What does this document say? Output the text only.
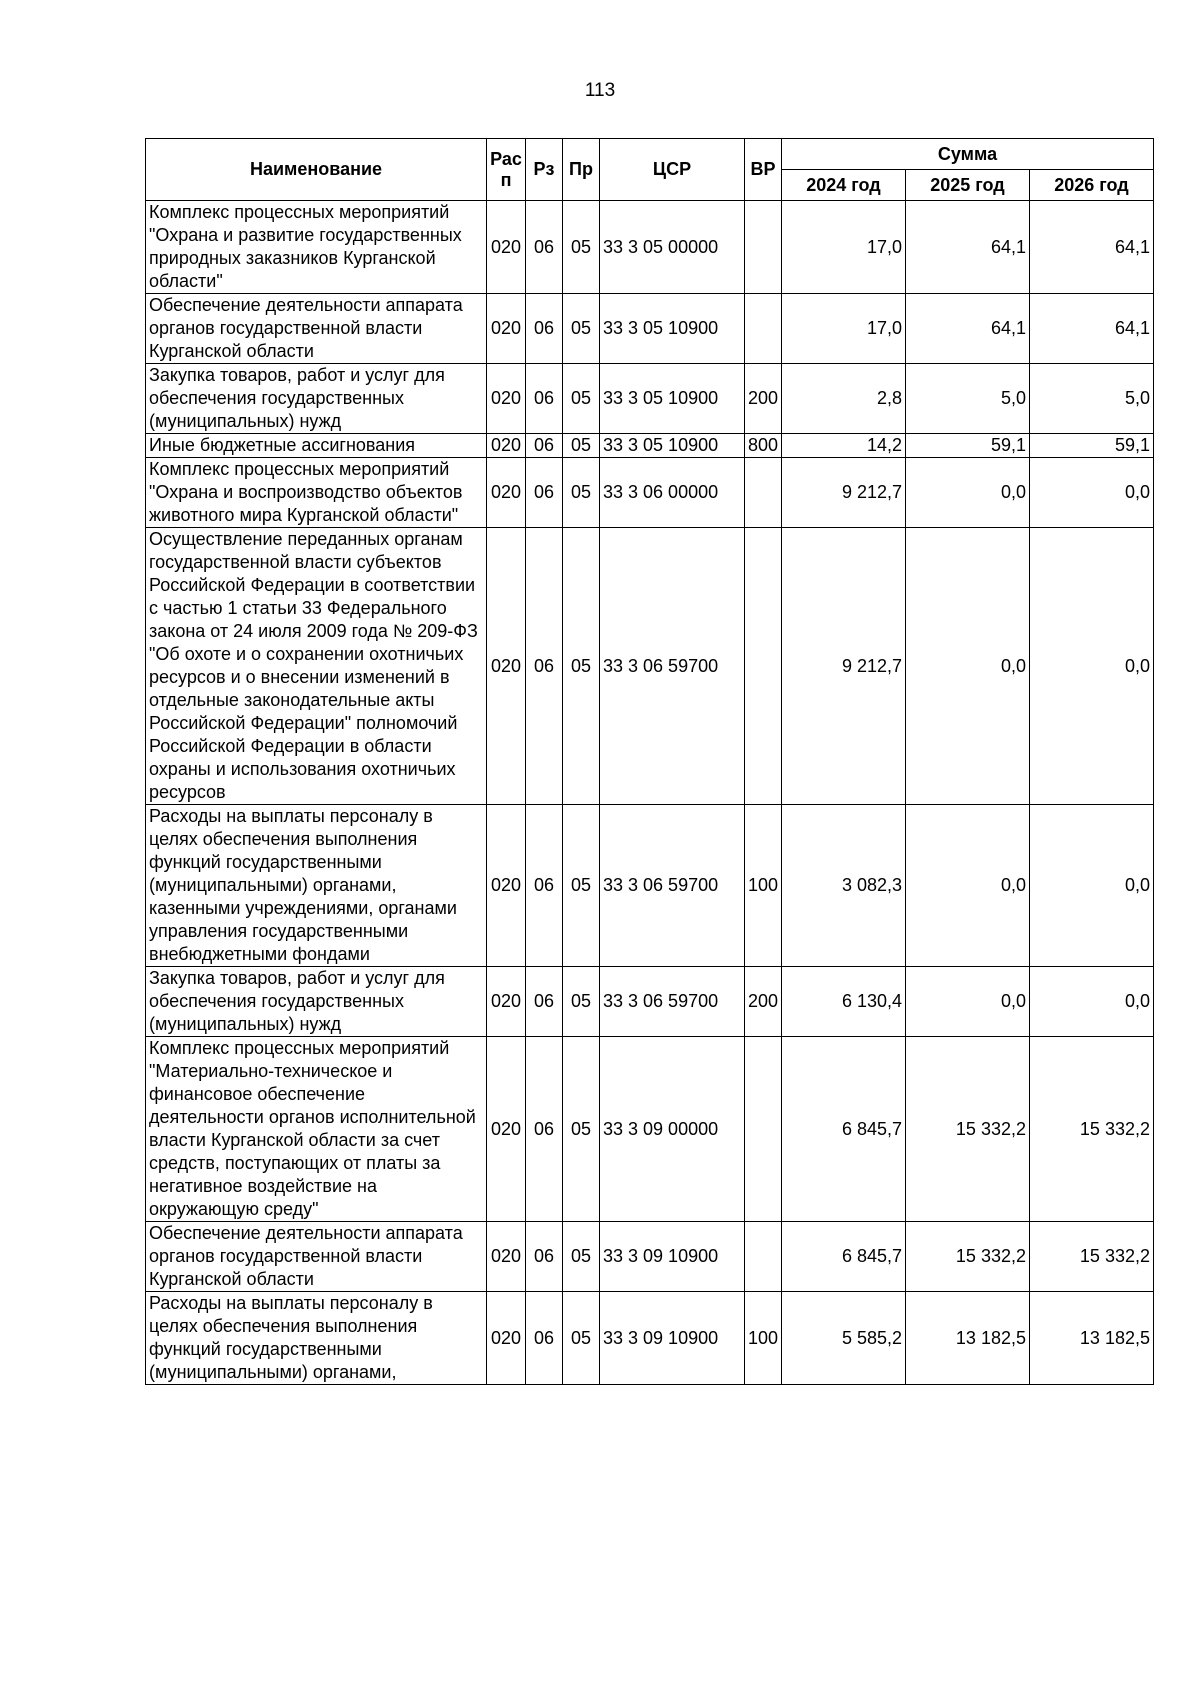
113
Наименование	Рас п	Рз	Пр	ЦСР	ВР	Сумма		
						2024 год	2025 год	2026 год
Комплекс процессных мероприятий "Охрана и развитие государственных природных заказников Курганской области"	020	06	05	33 3 05 00000		17,0	64,1	64,1
Обеспечение деятельности аппарата органов государственной власти Курганской области	020	06	05	33 3 05 10900		17,0	64,1	64,1
Закупка товаров, работ и услуг для обеспечения государственных (муниципальных) нужд	020	06	05	33 3 05 10900	200	2,8	5,0	5,0
Иные бюджетные ассигнования	020	06	05	33 3 05 10900	800	14,2	59,1	59,1
Комплекс процессных мероприятий "Охрана и воспроизводство объектов животного мира Курганской области"	020	06	05	33 3 06 00000		9 212,7	0,0	0,0
Осуществление переданных органам государственной власти субъектов Российской Федерации в соответствии с частью 1 статьи 33 Федерального закона от 24 июля 2009 года № 209-ФЗ "Об охоте и о сохранении охотничьих ресурсов и о внесении изменений в отдельные законодательные акты Российской Федерации" полномочий Российской Федерации в области охраны и использования охотничьих ресурсов	020	06	05	33 3 06 59700		9 212,7	0,0	0,0
Расходы на выплаты персоналу в целях обеспечения выполнения функций государственными (муниципальными) органами, казенными учреждениями, органами управления государственными внебюджетными фондами	020	06	05	33 3 06 59700	100	3 082,3	0,0	0,0
Закупка товаров, работ и услуг для обеспечения государственных (муниципальных) нужд	020	06	05	33 3 06 59700	200	6 130,4	0,0	0,0
Комплекс процессных мероприятий "Материально-техническое и финансовое обеспечение деятельности органов исполнительной власти Курганской области за счет средств, поступающих от платы за негативное воздействие на окружающую среду"	020	06	05	33 3 09 00000		6 845,7	15 332,2	15 332,2
Обеспечение деятельности аппарата органов государственной власти Курганской области	020	06	05	33 3 09 10900		6 845,7	15 332,2	15 332,2
Расходы на выплаты персоналу в целях обеспечения выполнения функций государственными (муниципальными) органами,	020	06	05	33 3 09 10900	100	5 585,2	13 182,5	13 182,5
